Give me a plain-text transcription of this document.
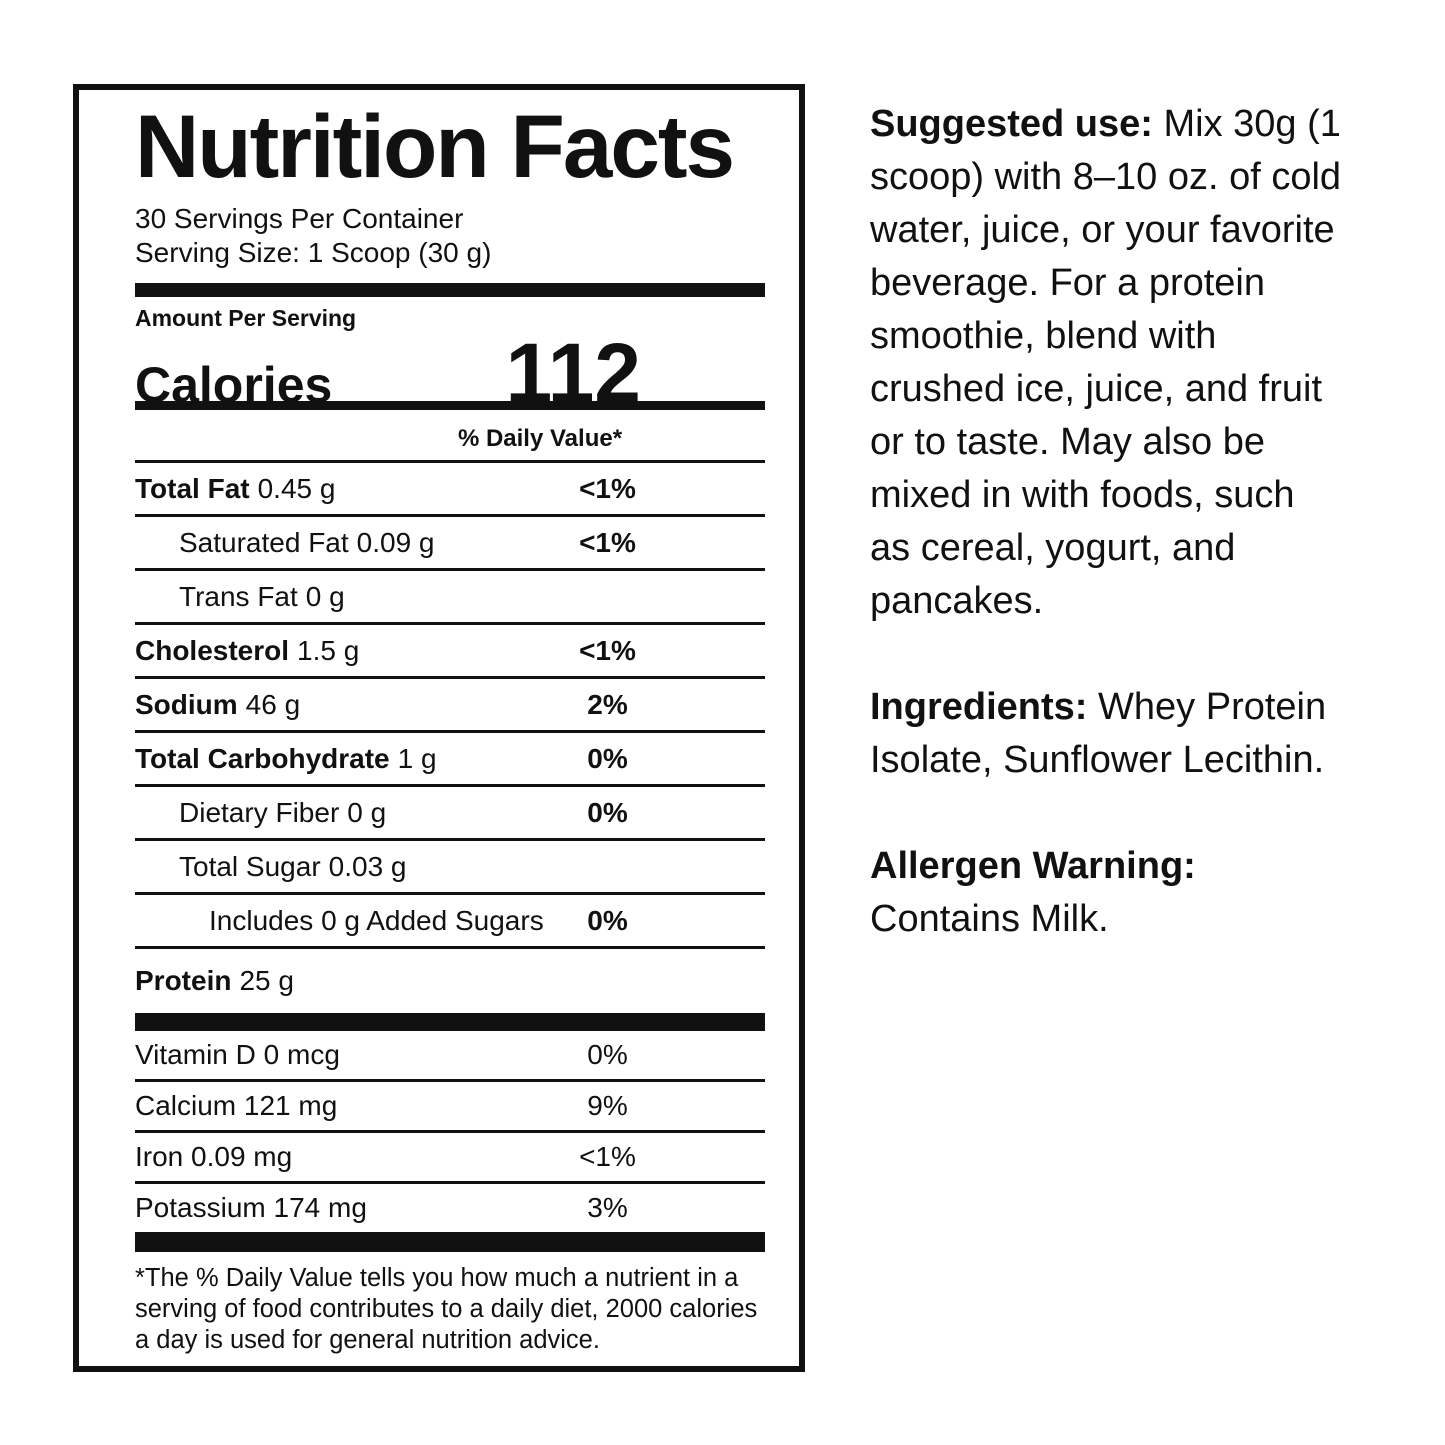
Nutrition Facts
30 Servings Per Container
Serving Size: 1 Scoop (30 g)
Amount Per Serving
Calories 112
% Daily Value*
Total Fat 0.45 g	<1%
Saturated Fat 0.09 g	<1%
Trans Fat 0 g
Cholesterol 1.5 g	<1%
Sodium 46 g	2%
Total Carbohydrate 1 g	0%
Dietary Fiber 0 g	0%
Total Sugar 0.03 g
Includes 0 g Added Sugars	0%
Protein 25 g
Vitamin D 0 mcg	0%
Calcium 121 mg	9%
Iron 0.09 mg	<1%
Potassium 174 mg	3%
*The % Daily Value tells you how much a nutrient in a serving of food contributes to a daily diet, 2000 calories a day is used for general nutrition advice.

Suggested use: Mix 30g (1 scoop) with 8–10 oz. of cold water, juice, or your favorite beverage. For a protein smoothie, blend with crushed ice, juice, and fruit or to taste. May also be mixed in with foods, such as cereal, yogurt, and pancakes.

Ingredients: Whey Protein Isolate, Sunflower Lecithin.

Allergen Warning:
Contains Milk.
